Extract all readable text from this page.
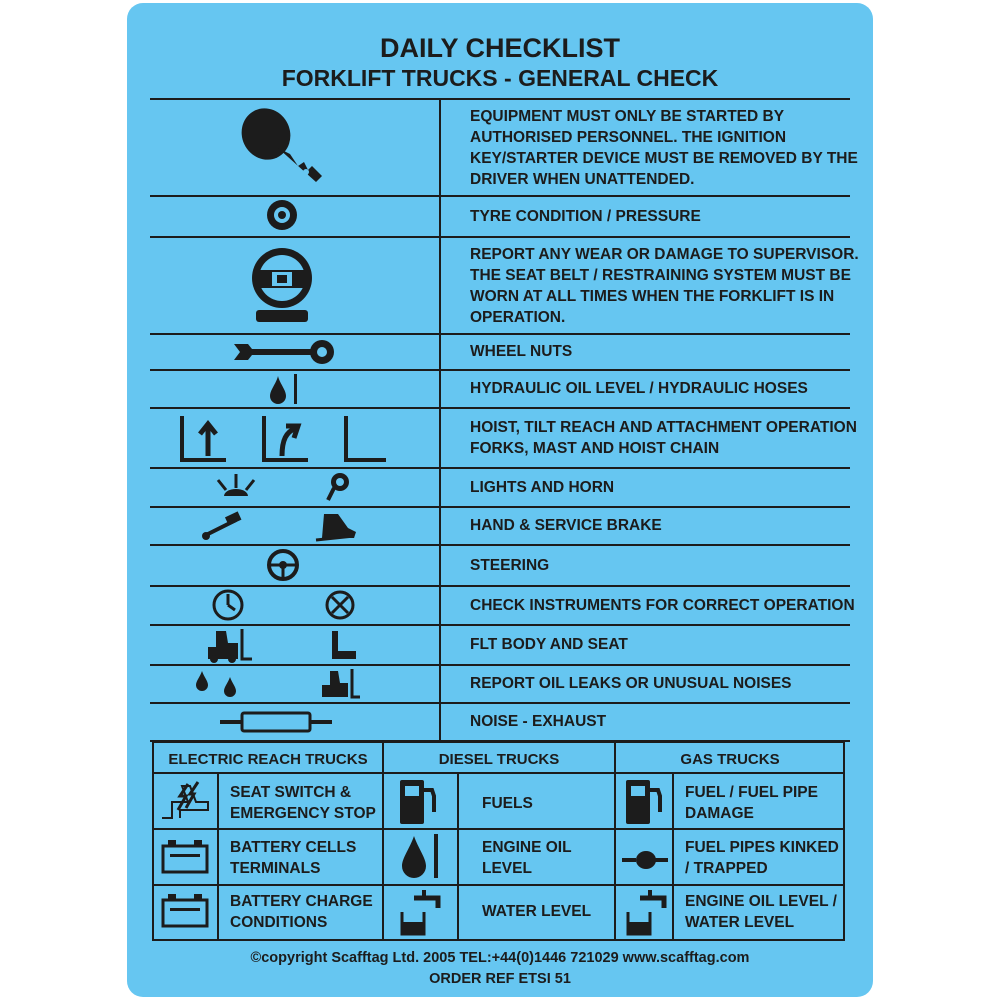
DAILY CHECKLIST
FORKLIFT TRUCKS - GENERAL CHECK
EQUIPMENT MUST ONLY BE STARTED BY AUTHORISED PERSONNEL. THE IGNITION KEY/STARTER DEVICE MUST BE REMOVED BY THE DRIVER WHEN UNATTENDED.
TYRE CONDITION / PRESSURE
REPORT ANY WEAR OR DAMAGE TO SUPERVISOR. THE SEAT BELT / RESTRAINING SYSTEM MUST BE WORN AT ALL TIMES WHEN THE FORKLIFT IS IN OPERATION.
WHEEL NUTS
HYDRAULIC OIL LEVEL / HYDRAULIC HOSES
HOIST, TILT REACH AND ATTACHMENT OPERATION FORKS, MAST AND HOIST CHAIN
LIGHTS AND HORN
HAND & SERVICE BRAKE
STEERING
CHECK INSTRUMENTS FOR CORRECT OPERATION
FLT BODY AND SEAT
REPORT OIL LEAKS OR UNUSUAL NOISES
NOISE - EXHAUST
ELECTRIC REACH TRUCKS	DIESEL TRUCKS	GAS TRUCKS
SEAT SWITCH & EMERGENCY STOP
BATTERY CELLS TERMINALS
BATTERY CHARGE CONDITIONS
FUELS
ENGINE OIL LEVEL
WATER LEVEL
FUEL / FUEL PIPE DAMAGE
FUEL PIPES KINKED / TRAPPED
ENGINE OIL LEVEL / WATER LEVEL
©copyright Scafftag Ltd. 2005 TEL:+44(0)1446 721029 www.scafftag.com
ORDER REF ETSI 51
